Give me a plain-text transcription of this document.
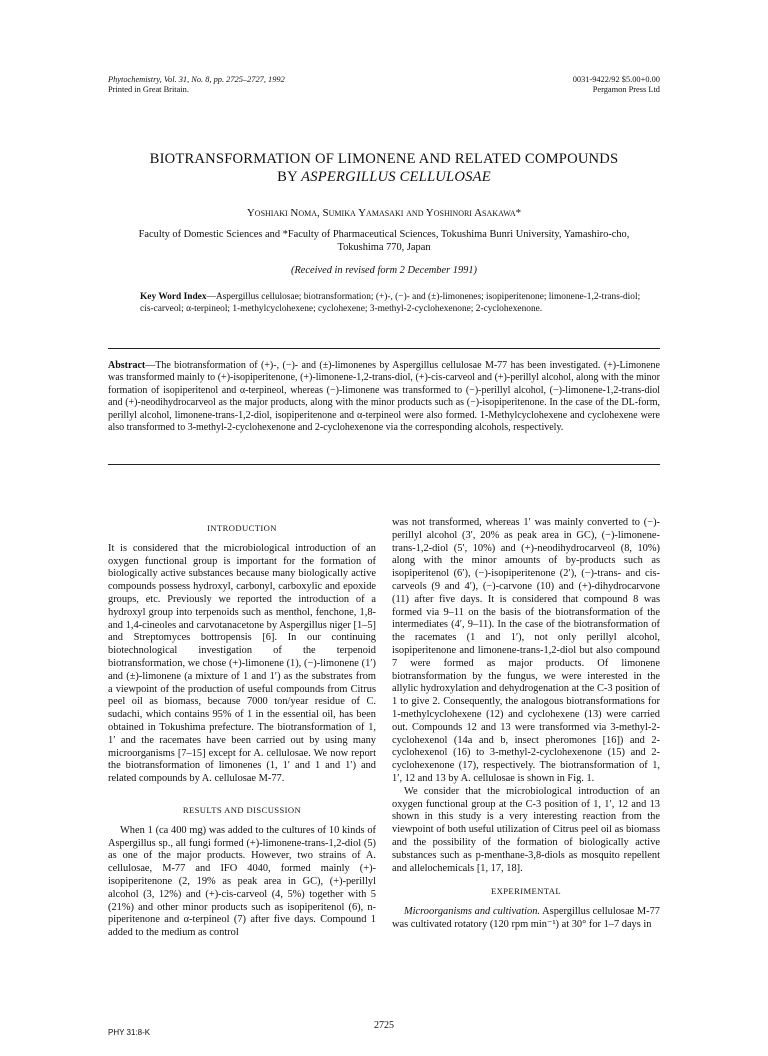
Phytochemistry, Vol. 31, No. 8, pp. 2725–2727, 1992
Printed in Great Britain.
0031-9422/92 $5.00+0.00
Pergamon Press Ltd
BIOTRANSFORMATION OF LIMONENE AND RELATED COMPOUNDS
BY ASPERGILLUS CELLULOSAE
Yoshiaki Noma, Sumika Yamasaki and Yoshinori Asakawa*
Faculty of Domestic Sciences and *Faculty of Pharmaceutical Sciences, Tokushima Bunri University, Yamashiro-cho,
Tokushima 770, Japan
(Received in revised form 2 December 1991)
Key Word Index—Aspergillus cellulosae; biotransformation; (+)-, (−)- and (±)-limonenes; isopiperitenone; limonene-1,2-trans-diol; cis-carveol; α-terpineol; 1-methylcyclohexene; cyclohexene; 3-methyl-2-cyclohexenone; 2-cyclohexenone.
Abstract—The biotransformation of (+)-, (−)- and (±)-limonenes by Aspergillus cellulosae M-77 has been investigated. (+)-Limonene was transformed mainly to (+)-isopiperitenone, (+)-limonene-1,2-trans-diol, (+)-cis-carveol and (+)-perillyl alcohol, along with the minor formation of isopiperitenol and α-terpineol, whereas (−)-limonene was transformed to (−)-perillyl alcohol, (−)-limonene-1,2-trans-diol and (+)-neodihydrocarveol as the major products, along with the minor products such as (−)-isopiperitenone. In the case of the DL-form, perillyl alcohol, limonene-trans-1,2-diol, isopiperitenone and α-terpineol were also formed. 1-Methylcyclohexene and cyclohexene were also transformed to 3-methyl-2-cyclohexenone and 2-cyclohexenone via the corresponding alcohols, respectively.
INTRODUCTION

It is considered that the microbiological introduction of an oxygen functional group is important for the formation of biologically active substances because many biologically active compounds possess hydroxyl, carbonyl, carboxylic and epoxide groups, etc. Previously we reported the introduction of a hydroxyl group into terpenoids such as menthol, fenchone, 1,8- and 1,4-cineoles and carvotanacetone by Aspergillus niger [1–5] and Streptomyces bottropensis [6]. In our continuing biotechnological investigation of the terpenoid biotransformation, we chose (+)-limonene (1), (−)-limonene (1′) and (±)-limonene (a mixture of 1 and 1′) as the substrates from a viewpoint of the production of useful compounds from Citrus peel oil as biomass, because 7000 ton/year residue of C. sudachi, which contains 95% of 1 in the essential oil, has been obtained in Tokushima prefecture. The biotransformation of 1, 1′ and the racemates have been carried out by using many microorganisms [7–15] except for A. cellulosae. We now report the biotransformation of limonenes (1, 1′ and 1 and 1′) and related compounds by A. cellulosae M-77.

RESULTS AND DISCUSSION

When 1 (ca 400 mg) was added to the cultures of 10 kinds of Aspergillus sp., all fungi formed (+)-limonene-trans-1,2-diol (5) as one of the major products. However, two strains of A. cellulosae, M-77 and IFO 4040, formed mainly (+)-isopiperitenone (2, 19% as peak area in GC), (+)-perillyl alcohol (3, 12%) and (+)-cis-carveol (4, 5%) together with 5 (21%) and other minor products such as isopiperitenol (6), n-piperitenone and α-terpineol (7) after five days. Compound 1 added to the medium as control

was not transformed, whereas 1′ was mainly converted to (−)-perillyl alcohol (3′, 20% as peak area in GC), (−)-limonene-trans-1,2-diol (5′, 10%) and (+)-neodihydrocarveol (8, 10%) along with the minor amounts of by-products such as isopiperitenol (6′), (−)-isopiperitenone (2′), (−)-trans- and cis-carveols (9 and 4′), (−)-carvone (10) and (+)-dihydrocarvone (11) after five days. It is considered that compound 8 was formed via 9–11 on the basis of the biotransformation of the intermediates (4′, 9–11). In the case of the biotransformation of the racemates (1 and 1′), not only perillyl alcohol, isopiperitenone and limonene-trans-1,2-diol but also compound 7 were formed as major products. Of limonene biotransformation by the fungus, we were interested in the allylic hydroxylation and dehydrogenation at the C-3 position of 1 to give 2. Consequently, the analogous biotransformations for 1-methylcyclohexene (12) and cyclohexene (13) were carried out. Compounds 12 and 13 were transformed via 3-methyl-2-cyclohexenol (14a and b, insect pheromones [16]) and 2-cyclohexenol (16) to 3-methyl-2-cyclohexenone (15) and 2-cyclohexenone (17), respectively. The biotransformation of 1, 1′, 12 and 13 by A. cellulosae is shown in Fig. 1.

We consider that the microbiological introduction of an oxygen functional group at the C-3 position of 1, 1′, 12 and 13 shown in this study is a very interesting reaction from the viewpoint of both useful utilization of Citrus peel oil as biomass and the possibility of the formation of biologically active substances such as p-menthane-3,8-diols as mosquito repellent and allelochemicals [1, 17, 18].

EXPERIMENTAL

Microorganisms and cultivation. Aspergillus cellulosae M-77 was cultivated rotatory (120 rpm min⁻¹) at 30° for 1–7 days in

2725
PHY 31:8-K
